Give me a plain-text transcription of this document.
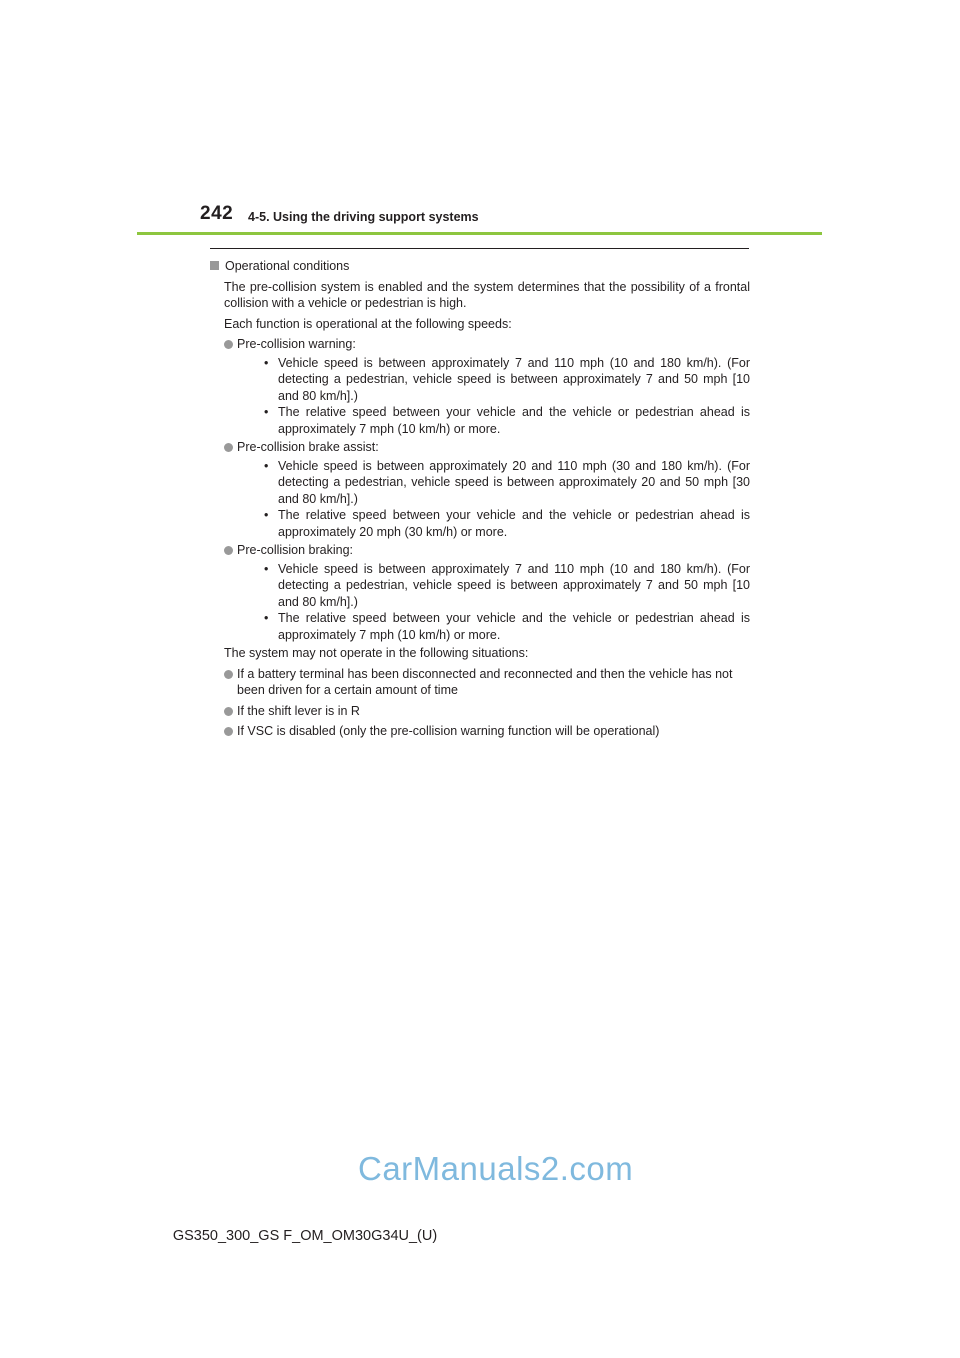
242 4-5. Using the driving support systems
Operational conditions

The pre-collision system is enabled and the system determines that the possibility of a frontal collision with a vehicle or pedestrian is high.

Each function is operational at the following speeds:

Pre-collision warning:
• Vehicle speed is between approximately 7 and 110 mph (10 and 180 km/h). (For detecting a pedestrian, vehicle speed is between approximately 7 and 50 mph [10 and 80 km/h].)
• The relative speed between your vehicle and the vehicle or pedestrian ahead is approximately 7 mph (10 km/h) or more.
Pre-collision brake assist:
• Vehicle speed is between approximately 20 and 110 mph (30 and 180 km/h). (For detecting a pedestrian, vehicle speed is between approximately 20 and 50 mph [30 and 80 km/h].)
• The relative speed between your vehicle and the vehicle or pedestrian ahead is approximately 20 mph (30 km/h) or more.
Pre-collision braking:
• Vehicle speed is between approximately 7 and 110 mph (10 and 180 km/h). (For detecting a pedestrian, vehicle speed is between approximately 7 and 50 mph [10 and 80 km/h].)
• The relative speed between your vehicle and the vehicle or pedestrian ahead is approximately 7 mph (10 km/h) or more.

The system may not operate in the following situations:

If a battery terminal has been disconnected and reconnected and then the vehicle has not been driven for a certain amount of time
If the shift lever is in R
If VSC is disabled (only the pre-collision warning function will be operational)
CarManuals2.com
GS350_300_GS F_OM_OM30G34U_(U)
